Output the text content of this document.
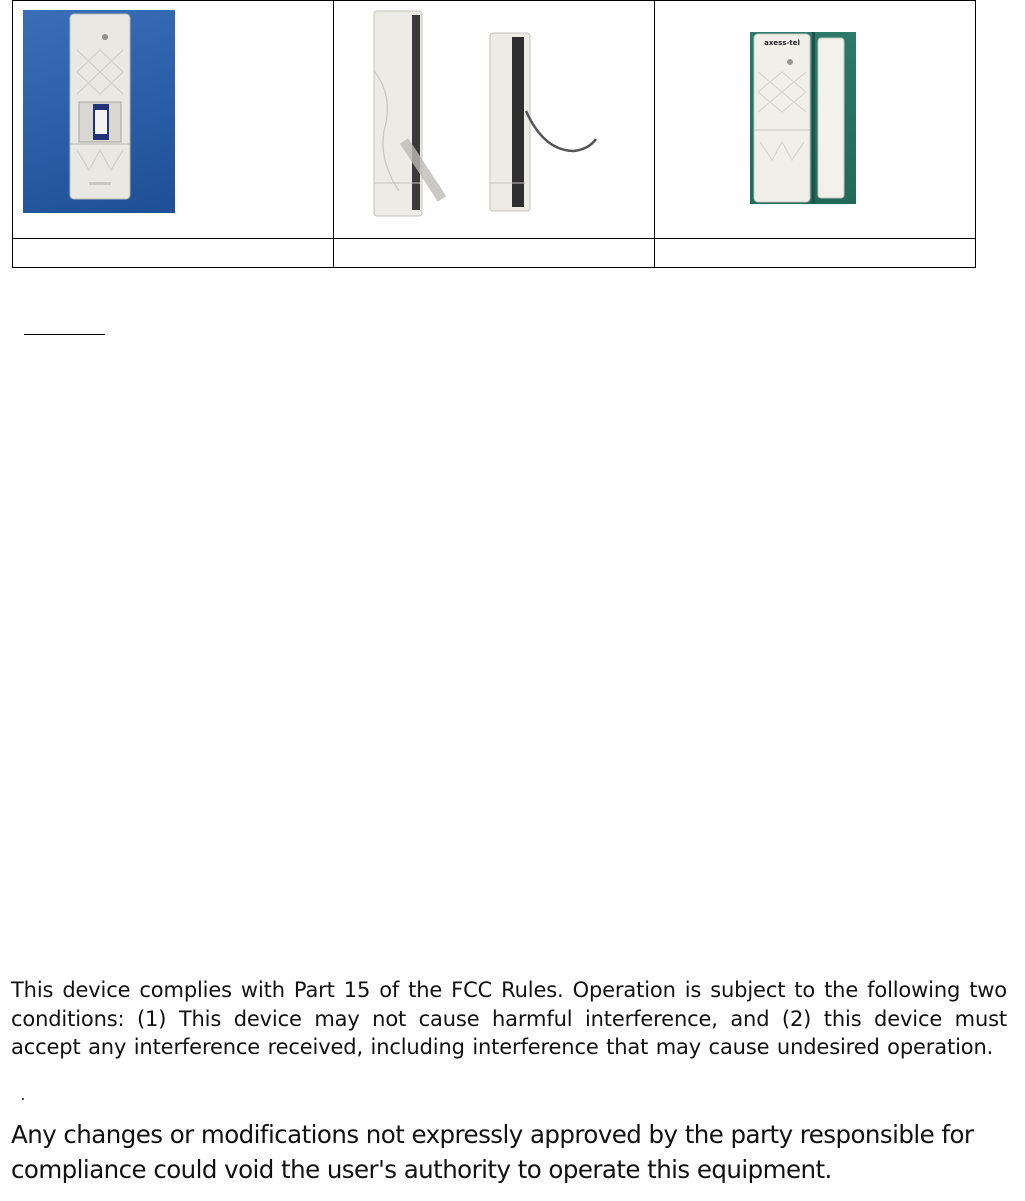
axess-tel

This device complies with Part 15 of the FCC Rules. Operation is subject to the following two conditions: (1) This device may not cause harmful interference, and (2) this device must accept any interference received, including interference that may cause undesired operation.

Any changes or modifications not expressly approved by the party responsible for compliance could void the user's authority to operate this equipment.
